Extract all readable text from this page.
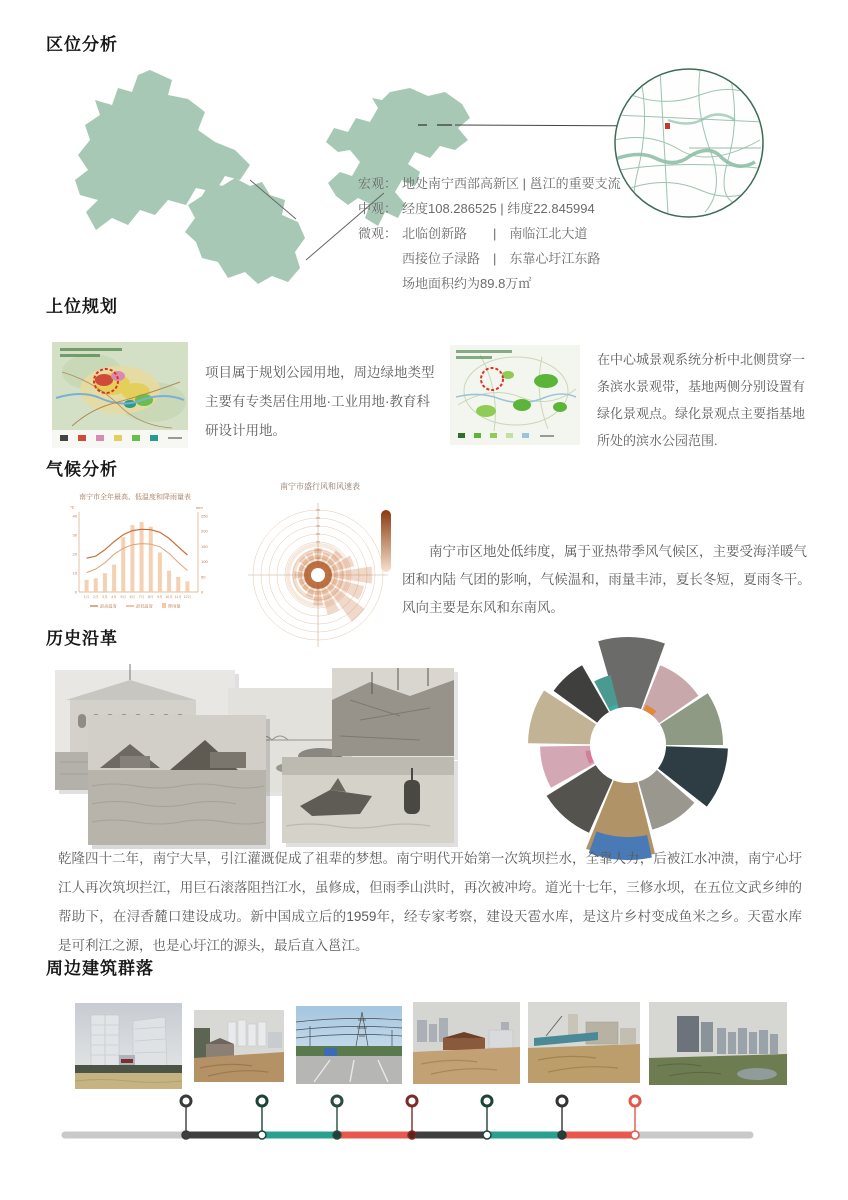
区位分析
宏观： 地处南宁西部高新区 | 邕江的重要支流
中观： 经度108.286525 | 纬度22.845994
微观： 北临创新路　　|　南临江北大道
西接位子渌路　|　东靠心圩江东路
场地面积约为89.8万㎡
上位规划
项目属于规划公园用地，周边绿地类型主要有专类居住用地·工业用地·教育科研设计用地。
在中心城景观系统分析中北侧贯穿一条滨水景观带，基地两侧分别设置有绿化景观点。绿化景观点主要指基地所处的滨水公园范围.
气候分析
南宁市全年最高、低温度和降雨量表
0
10
20
30
40
0
50
100
150
200
250
℃	mm
1月 2月 3月 4月 5月 6月 7月 8月 9月 10月 11月 12月
最高温度	最低温度	降雨量
南宁市盛行风和风速表
南宁市区地处低纬度，属于亚热带季风气候区，主要受海洋暖气团和内陆 气团的影响，气候温和，雨量丰沛，夏长冬短，夏雨冬干。风向主要是东风和东南风。
历史沿革
乾隆四十二年，南宁大旱，引江灌溉促成了祖辈的梦想。南宁明代开始第一次筑坝拦水，全靠人力，后被江水冲溃，南宁心圩江人再次筑坝拦江，用巨石滚落阻挡江水，虽修成，但雨季山洪时，再次被冲垮。道光十七年，三修水坝，在五位文武乡绅的帮助下，在浔香麓口建设成功。新中国成立后的1959年，经专家考察，建设天雹水库，是这片乡村变成鱼米之乡。天雹水库是可利江之源，也是心圩江的源头，最后直入邕江。
周边建筑群落
